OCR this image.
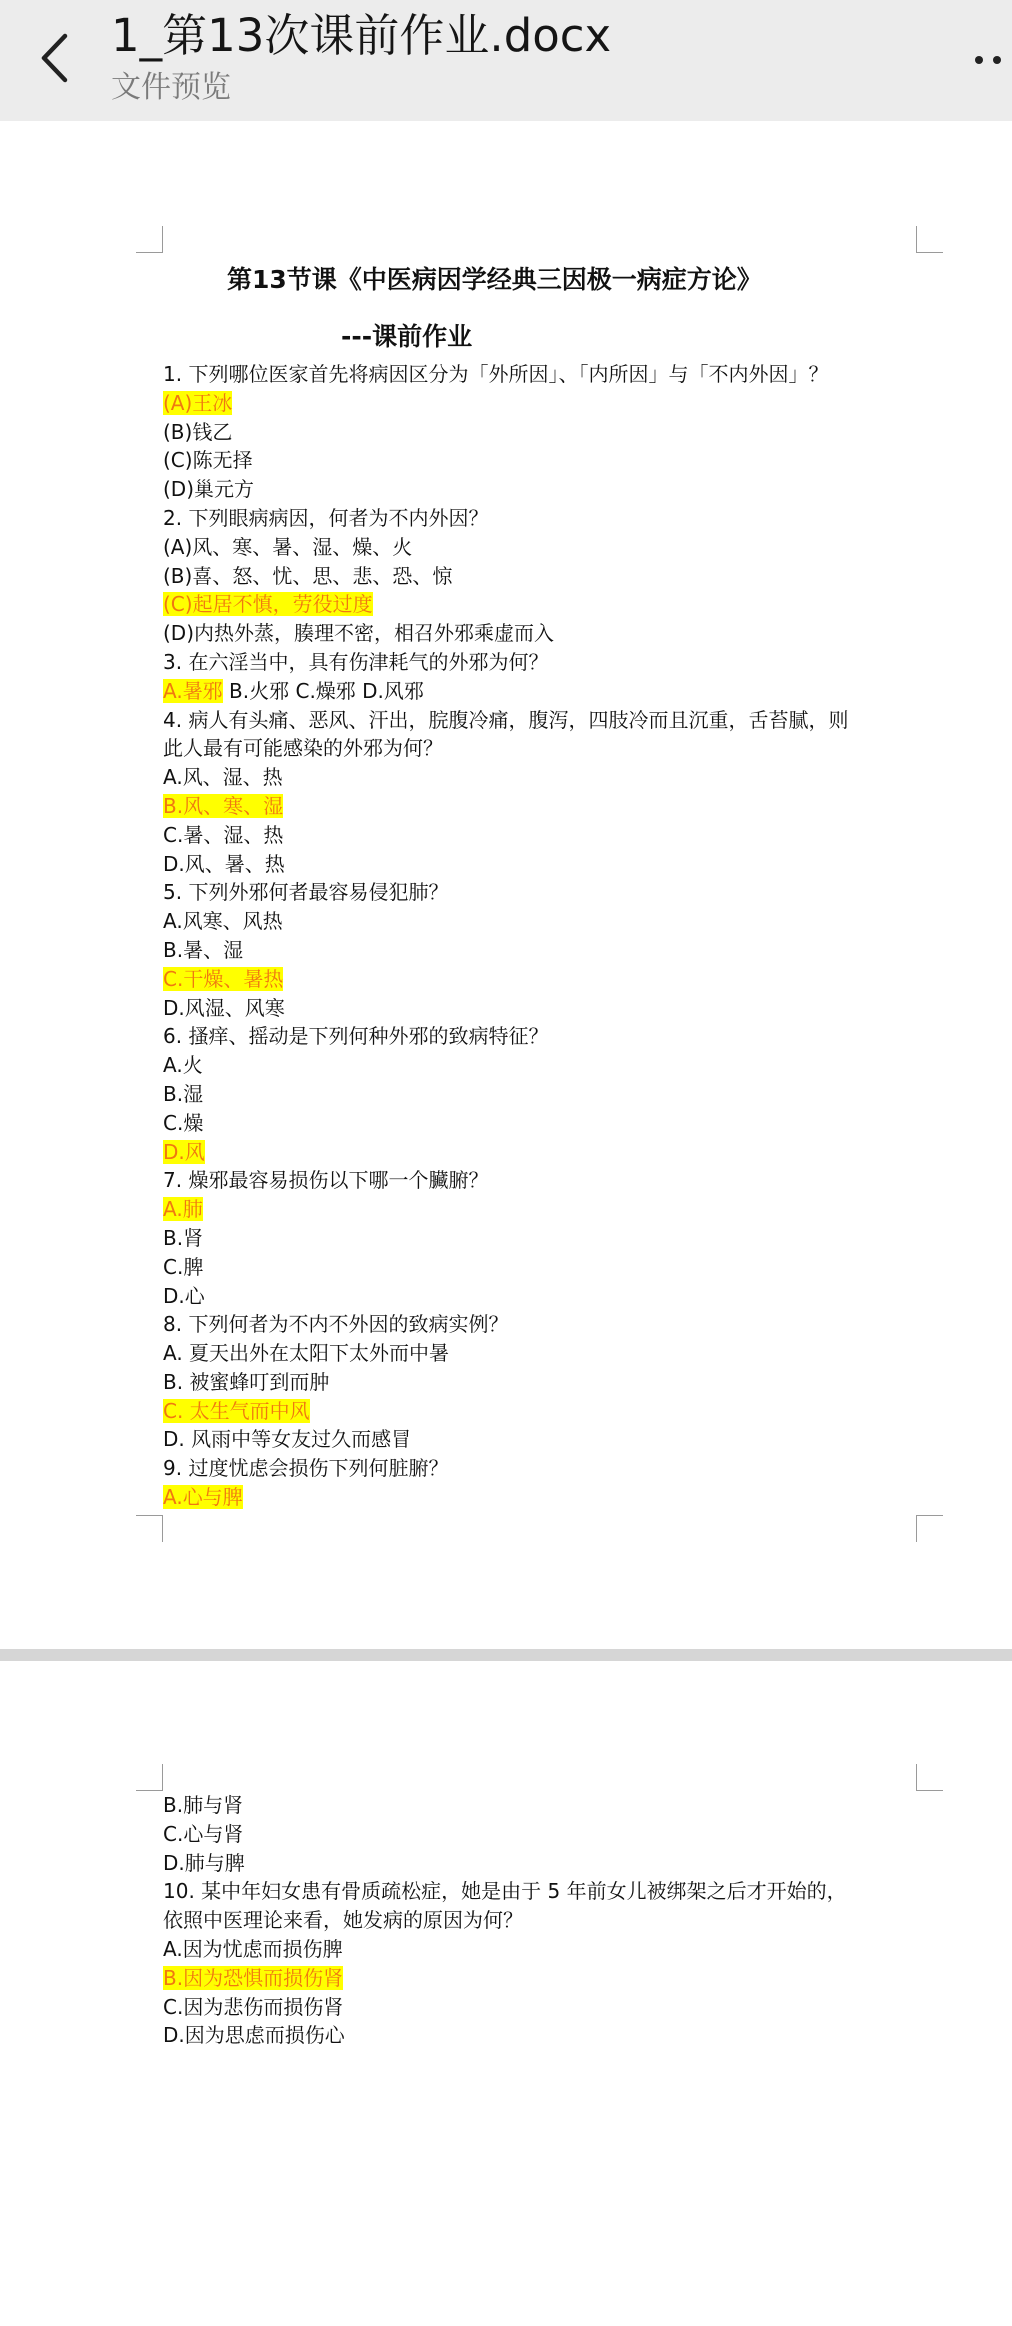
1_第13次课前作业.docx
文件预览
第13节课《中医病因学经典三因极一病症方论》
---课前作业
1. 下列哪位医家首先将病因区分为「外所因」、「内所因」与「不内外因」？
(A)王冰
(B)钱乙
(C)陈无择
(D)巢元方
2. 下列眼病病因，何者为不内外因？
(A)风、寒、暑、湿、燥、火
(B)喜、怒、忧、思、悲、恐、惊
(C)起居不慎，劳役过度
(D)内热外蒸，腠理不密，相召外邪乘虚而入
3. 在六淫当中，具有伤津耗气的外邪为何？
A.暑邪 B.火邪 C.燥邪 D.风邪
4. 病人有头痛、恶风、汗出，脘腹冷痛，腹泻，四肢冷而且沉重，舌苔腻，则
此人最有可能感染的外邪为何？
A.风、湿、热
B.风、寒、湿
C.暑、湿、热
D.风、暑、热
5. 下列外邪何者最容易侵犯肺？
A.风寒、风热
B.暑、湿
C.干燥、暑热
D.风湿、风寒
6. 搔痒、摇动是下列何种外邪的致病特征？
A.火
B.湿
C.燥
D.风
7. 燥邪最容易损伤以下哪一个臟腑？
A.肺
B.肾
C.脾
D.心
8. 下列何者为不内不外因的致病实例？
A. 夏天出外在太阳下太外而中暑
B. 被蜜蜂叮到而肿
C. 太生气而中风
D. 风雨中等女友过久而感冒
9. 过度忧虑会损伤下列何脏腑？
A.心与脾
B.肺与肾
C.心与肾
D.肺与脾
10. 某中年妇女患有骨质疏松症，她是由于 5 年前女儿被绑架之后才开始的，
依照中医理论来看，她发病的原因为何？
A.因为忧虑而损伤脾
B.因为恐惧而损伤肾
C.因为悲伤而损伤肾
D.因为思虑而损伤心
